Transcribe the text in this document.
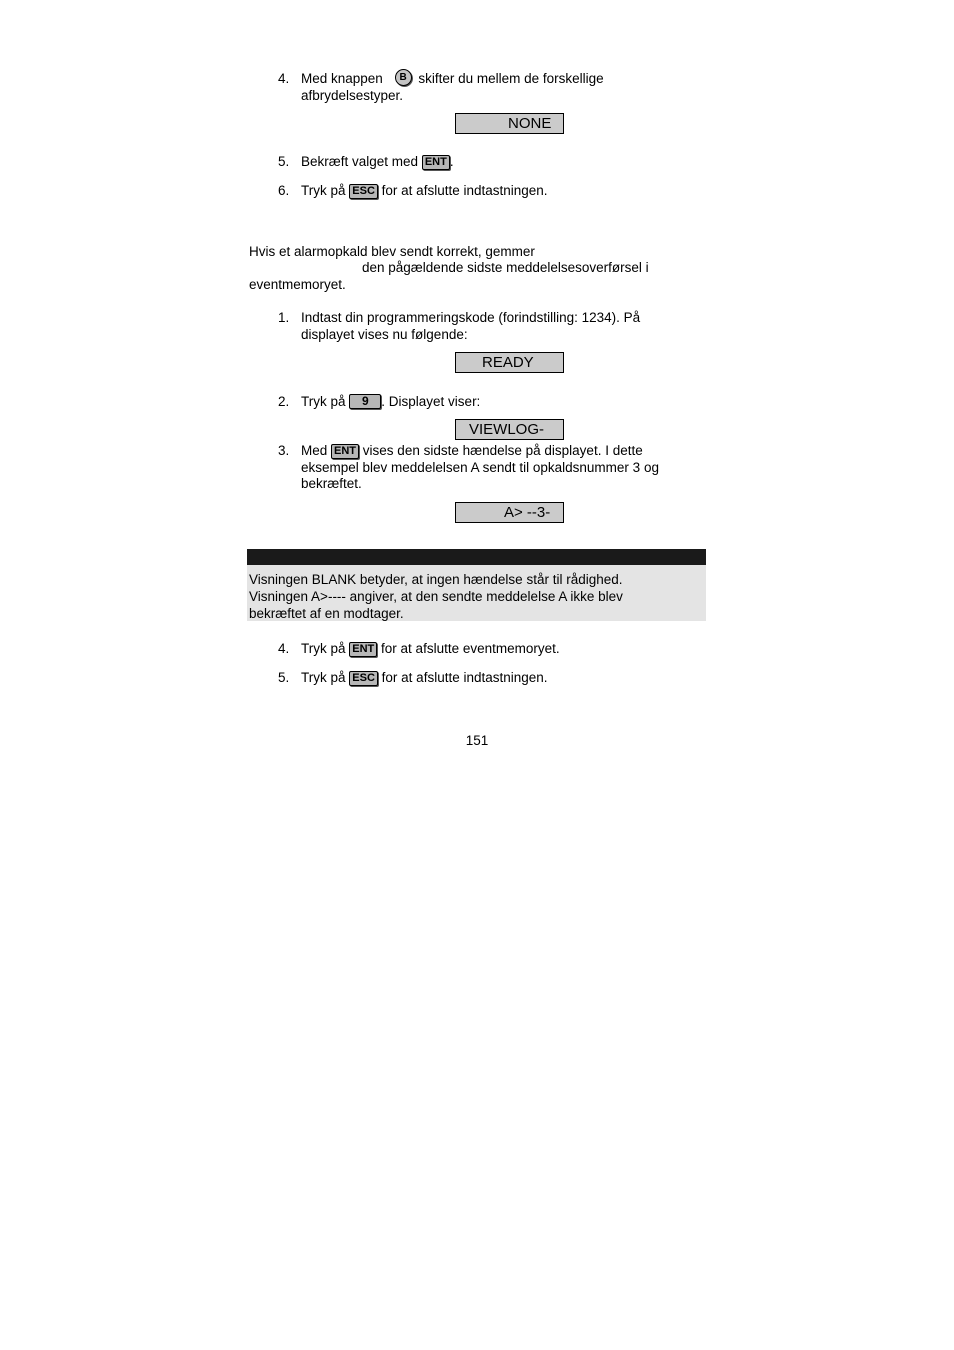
4. Med knappen B skifter du mellem de forskellige
afbrydelsestyper.
NONE
5. Bekræft valget med ENT .
6. Tryk på ESC for at afslutte indtastningen.
Hvis et alarmopkald blev sendt korrekt, gemmer
den pågældende sidste meddelelsesoverførsel i
eventmemoryet.
1. Indtast din programmeringskode (forindstilling: 1234). På
displayet vises nu følgende:
READY
2. Tryk på 9 . Displayet viser:
VIEWLOG-
3. Med ENT vises den sidste hændelse på displayet. I dette
eksempel blev meddelelsen A sendt til opkaldsnummer 3 og
bekræftet.
A> --3-
Visningen BLANK betyder, at ingen hændelse står til rådighed.
Visningen A>---- angiver, at den sendte meddelelse A ikke blev
bekræftet af en modtager.
4. Tryk på ENT for at afslutte eventmemoryet.
5. Tryk på ESC for at afslutte indtastningen.
151
